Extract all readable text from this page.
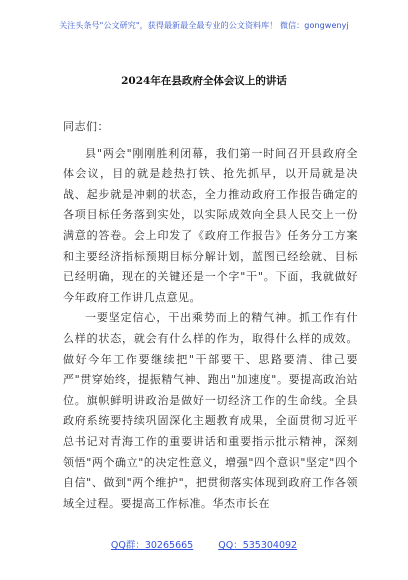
关注头条号"公文研究"，获得最新最全最专业的公文资料库！ 微信：gongwenyj
2024年在县政府全体会议上的讲话

同志们：

县"两会"刚刚胜利闭幕，我们第一时间召开县政府全体会议，目的就是趁热打铁、抢先抓早，以开局就是决战、起步就是冲刺的状态，全力推动政府工作报告确定的各项目标任务落到实处，以实际成效向全县人民交上一份满意的答卷。会上印发了《政府工作报告》任务分工方案和主要经济指标预期目标分解计划，蓝图已经绘就、目标已经明确，现在的关键还是一个字"干"。下面，我就做好今年政府工作讲几点意见。

一要坚定信心，干出乘势而上的精气神。抓工作有什么样的状态，就会有什么样的作为，取得什么样的成效。做好今年工作要继续把"干部要干、思路要清、律己要严"贯穿始终，提振精气神、跑出"加速度"。要提高政治站位。旗帜鲜明讲政治是做好一切经济工作的生命线。全县政府系统要持续巩固深化主题教育成果，全面贯彻习近平总书记对青海工作的重要讲话和重要指示批示精神，深刻领悟"两个确立"的决定性意义，增强"四个意识"坚定"四个自信"、做到"两个维护"，把贯彻落实体现到政府工作各领域全过程。要提高工作标准。华杰市长在

QQ群：30265665	QQ：535304092
